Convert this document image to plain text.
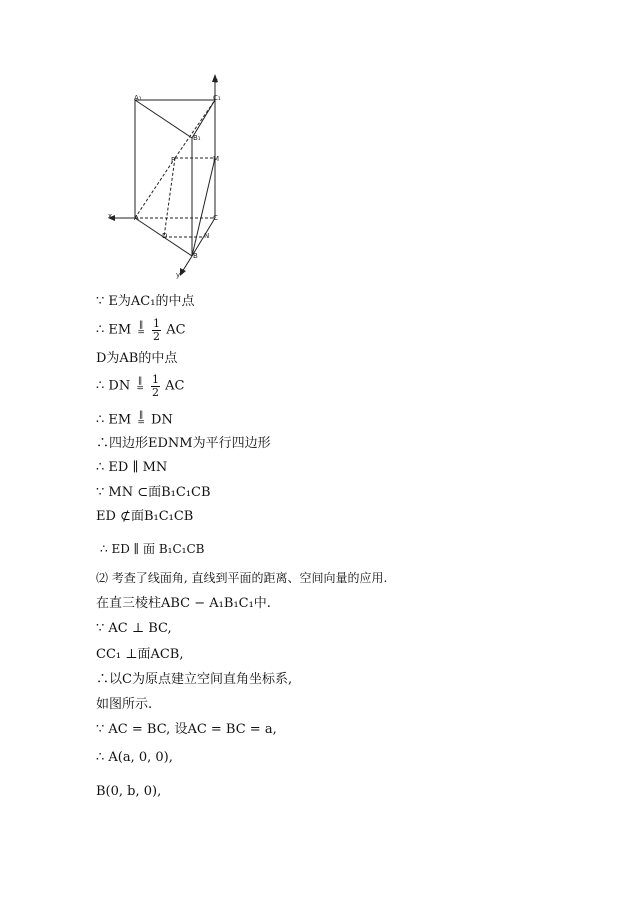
A₁	C₁
B₁
F	M
x	A
D	N
C
B
y
z
∵ E为AC₁的中点
∴ EM ∥
=
$\frac{1}{2}$ AC
D为AB的中点
∴ DN ∥
=
$\frac{1}{2}$ AC
∴ EM ∥
= DN
∴四边形EDNM为平行四边形
∴ ED ∥ MN
∵ MN ⊂面B₁C₁CB
ED ⊄面B₁C₁CB
∴ ED ∥ 面 B₁C₁CB
⑵ 考查了线面角, 直线到平面的距离、空间向量的应用.
在直三棱柱ABC − A₁B₁C₁中.
∵ AC ⊥ BC,
CC₁ ⊥面ACB,
∴以C为原点建立空间直角坐标系,
如图所示.
∵ AC = BC, 设AC = BC = a,
∴ A(a, 0, 0),
B(0, b, 0),
